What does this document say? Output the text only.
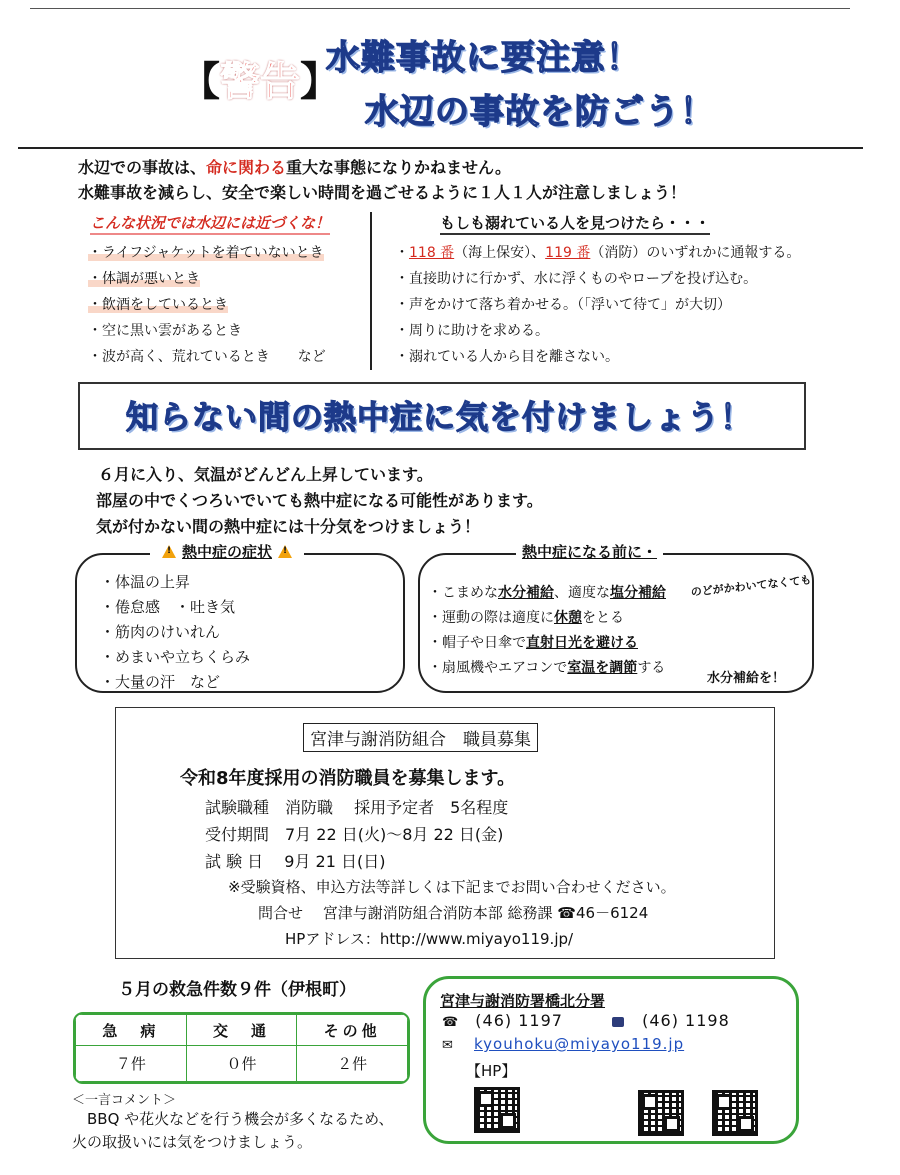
【警告】
水難事故に要注意！
水辺の事故を防ごう！
水辺での事故は、命に関わる重大な事態になりかねません。
水難事故を減らし、安全で楽しい時間を過ごせるように１人１人が注意しましょう！
こんな状況では水辺には近づくな！	もしも溺れている人を見つけたら・・・
・ライフジャケットを着ていないとき
・体調が悪いとき
・飲酒をしているとき
・空に黒い雲があるとき
・波が高く、荒れているとき　　など
・118 番（海上保安）、119 番（消防）のいずれかに通報する。
・直接助けに行かず、水に浮くものやロープを投げ込む。
・声をかけて落ち着かせる。（「浮いて待て」が大切）
・周りに助けを求める。
・溺れている人から目を離さない。
知らない間の熱中症に気を付けましょう！
６月に入り、気温がどんどん上昇しています。
部屋の中でくつろいでいても熱中症になる可能性があります。
気が付かない間の熱中症には十分気をつけましょう！
!熱中症の症状!
・体温の上昇
・倦怠感　・吐き気
・筋肉のけいれん
・めまいや立ちくらみ
・大量の汗　など
熱中症になる前に・
・こまめな水分補給、適度な塩分補給 のどがかわいてなくても
・運動の際は適度に休憩をとる
・帽子や日傘で直射日光を避ける
・扇風機やエアコンで室温を調節する
水分補給を！
宮津与謝消防組合　職員募集
令和8年度採用の消防職員を募集します。
試験職種　消防職　 採用予定者　5名程度
受付期間　7月 22 日(火)～8月 22 日(金)
試 験 日　 9月 21 日(日)
※受験資格、申込方法等詳しくは下記までお問い合わせください。
問合せ　 宮津与謝消防組合消防本部 総務課 ☎46－6124
HPアドレス：http://www.miyayo119.jp/
５月の救急件数９件（伊根町）
急　病	交　通	その他
７件	０件	２件
＜一言コメント＞
　BBQ や花火などを行う機会が多くなるため、
火の取扱いには気をつけましょう。
宮津与謝消防署橋北分署
☎ (46) 1197	(46) 1198
✉ kyouhoku@miyayo119.jp
【HP】
